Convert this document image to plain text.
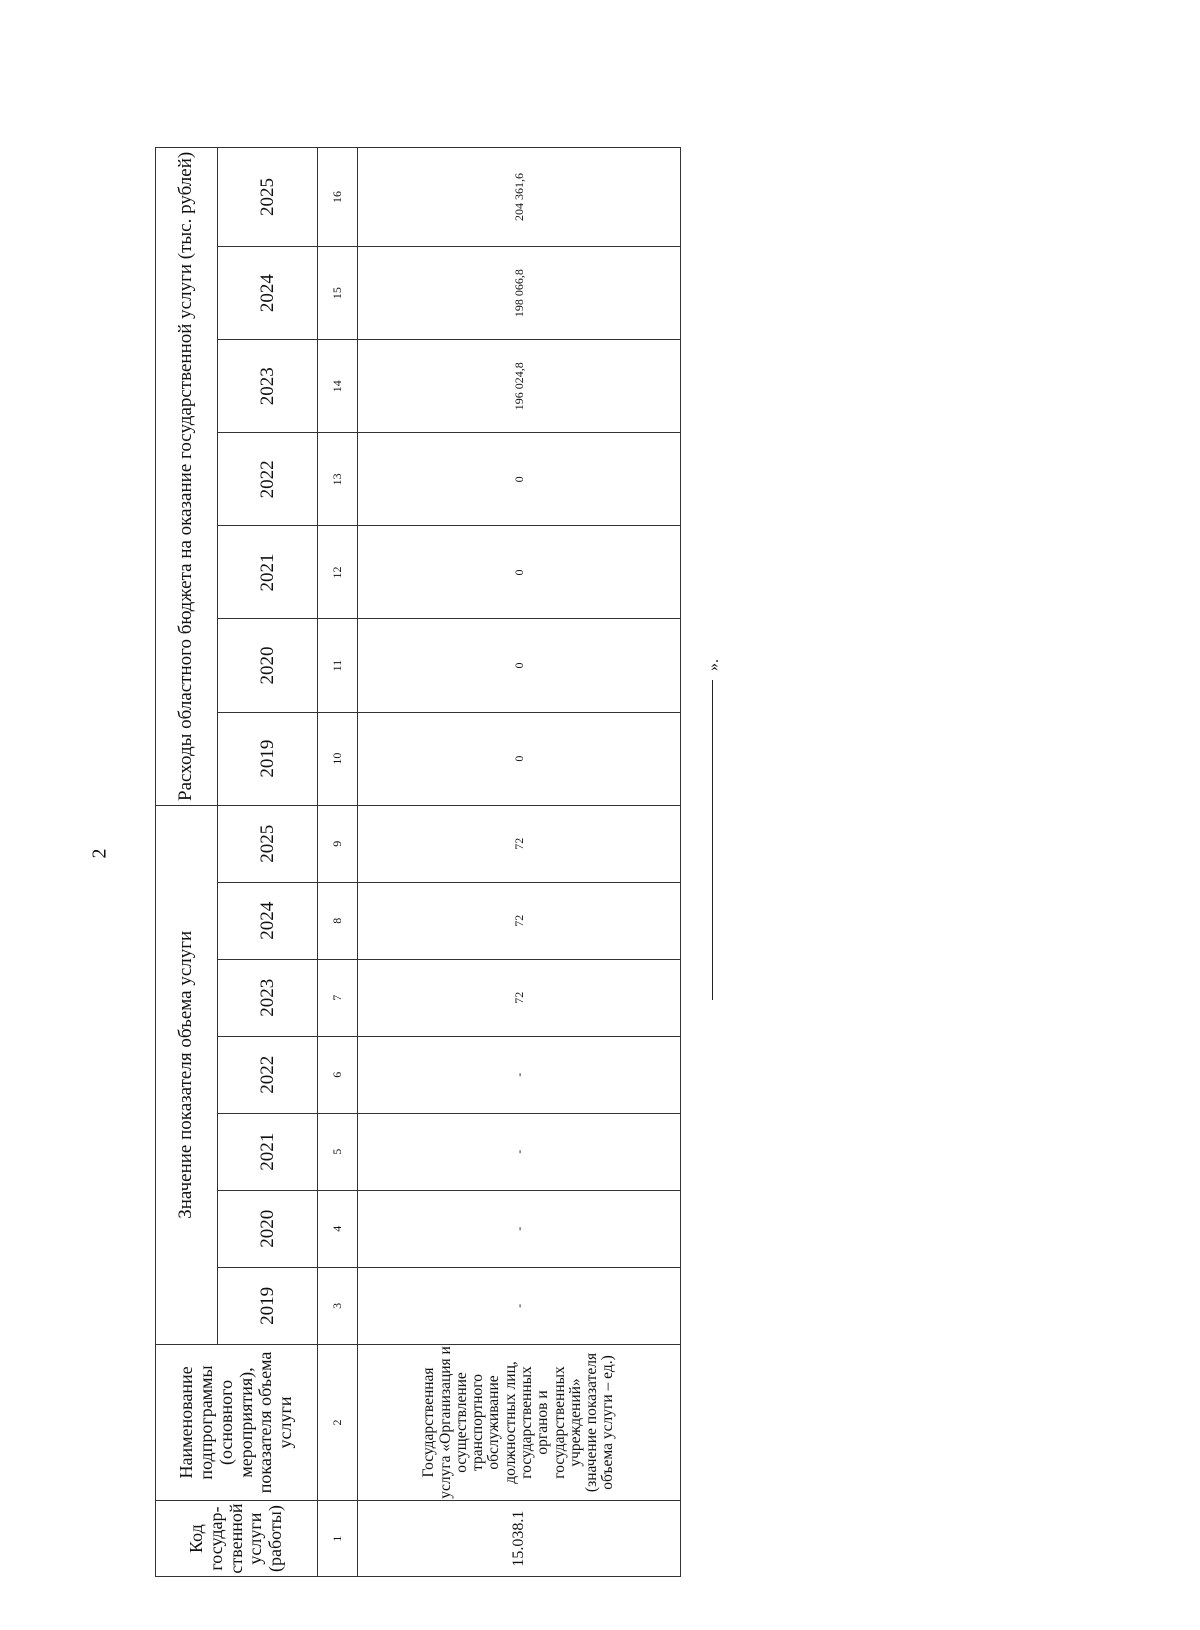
2
Код госудаp-ственной услуги (работы)	Наименование подпрограммы (основного мероприятия), показателя объема услуги	Значение показателя объема услуги							Расходы областного бюджета на оказание государственной услуги (тыс. рублей)						
		2019	2020	2021	2022	2023	2024	2025	2019	2020	2021	2022	2023	2024	2025
1	2	3	4	5	6	7	8	9	10	11	12	13	14	15	16
15.038.1	Государственная услуга «Организация и осуществление транспортного обслуживание должностных лиц, государственных органов и государственных учреждений» (значение показателя объема услуги – ед.)	-	-	-	-	72	72	72	0	0	0	0	196 024,8	198 066,8	204 361,6
».
